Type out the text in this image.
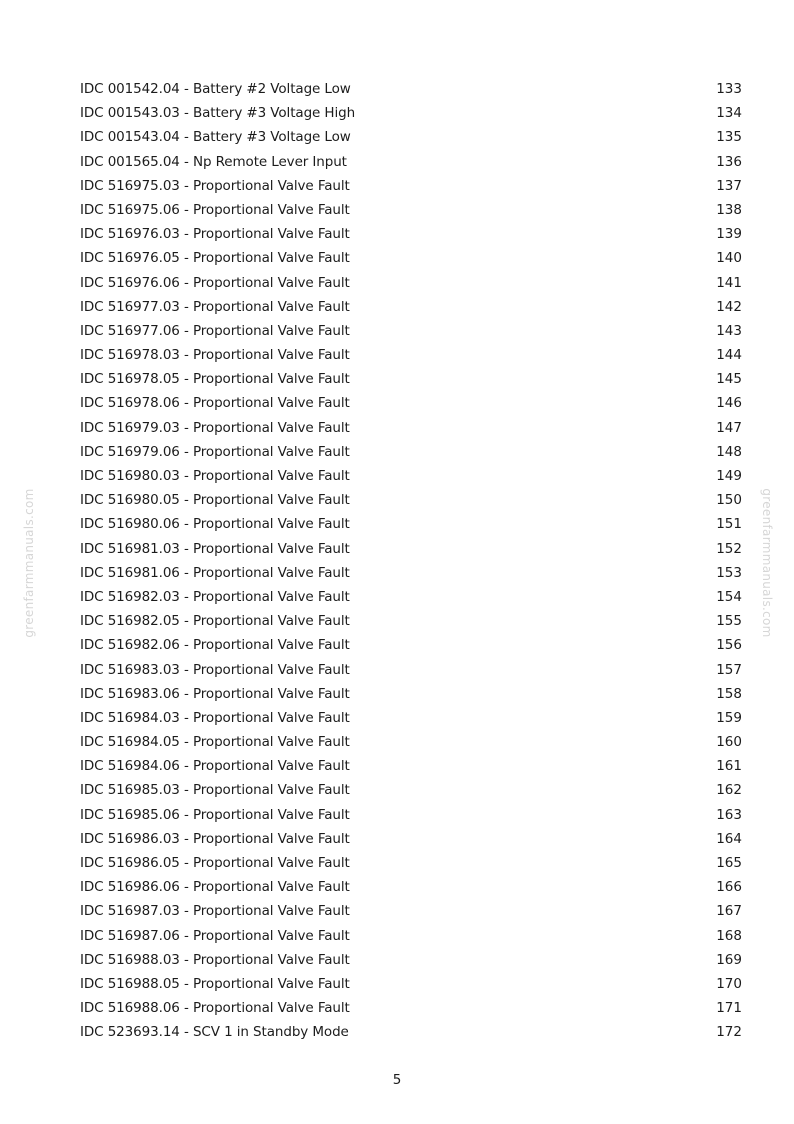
greenfarmmanuals.com	greenfarmmanuals.com
IDC 001542.04 - Battery #2 Voltage Low	133
IDC 001543.03 - Battery #3 Voltage High	134
IDC 001543.04 - Battery #3 Voltage Low	135
IDC 001565.04 - Np Remote Lever Input	136
IDC 516975.03 - Proportional Valve Fault	137
IDC 516975.06 - Proportional Valve Fault	138
IDC 516976.03 - Proportional Valve Fault	139
IDC 516976.05 - Proportional Valve Fault	140
IDC 516976.06 - Proportional Valve Fault	141
IDC 516977.03 - Proportional Valve Fault	142
IDC 516977.06 - Proportional Valve Fault	143
IDC 516978.03 - Proportional Valve Fault	144
IDC 516978.05 - Proportional Valve Fault	145
IDC 516978.06 - Proportional Valve Fault	146
IDC 516979.03 - Proportional Valve Fault	147
IDC 516979.06 - Proportional Valve Fault	148
IDC 516980.03 - Proportional Valve Fault	149
IDC 516980.05 - Proportional Valve Fault	150
IDC 516980.06 - Proportional Valve Fault	151
IDC 516981.03 - Proportional Valve Fault	152
IDC 516981.06 - Proportional Valve Fault	153
IDC 516982.03 - Proportional Valve Fault	154
IDC 516982.05 - Proportional Valve Fault	155
IDC 516982.06 - Proportional Valve Fault	156
IDC 516983.03 - Proportional Valve Fault	157
IDC 516983.06 - Proportional Valve Fault	158
IDC 516984.03 - Proportional Valve Fault	159
IDC 516984.05 - Proportional Valve Fault	160
IDC 516984.06 - Proportional Valve Fault	161
IDC 516985.03 - Proportional Valve Fault	162
IDC 516985.06 - Proportional Valve Fault	163
IDC 516986.03 - Proportional Valve Fault	164
IDC 516986.05 - Proportional Valve Fault	165
IDC 516986.06 - Proportional Valve Fault	166
IDC 516987.03 - Proportional Valve Fault	167
IDC 516987.06 - Proportional Valve Fault	168
IDC 516988.03 - Proportional Valve Fault	169
IDC 516988.05 - Proportional Valve Fault	170
IDC 516988.06 - Proportional Valve Fault	171
IDC 523693.14 - SCV 1 in Standby Mode	172
5
